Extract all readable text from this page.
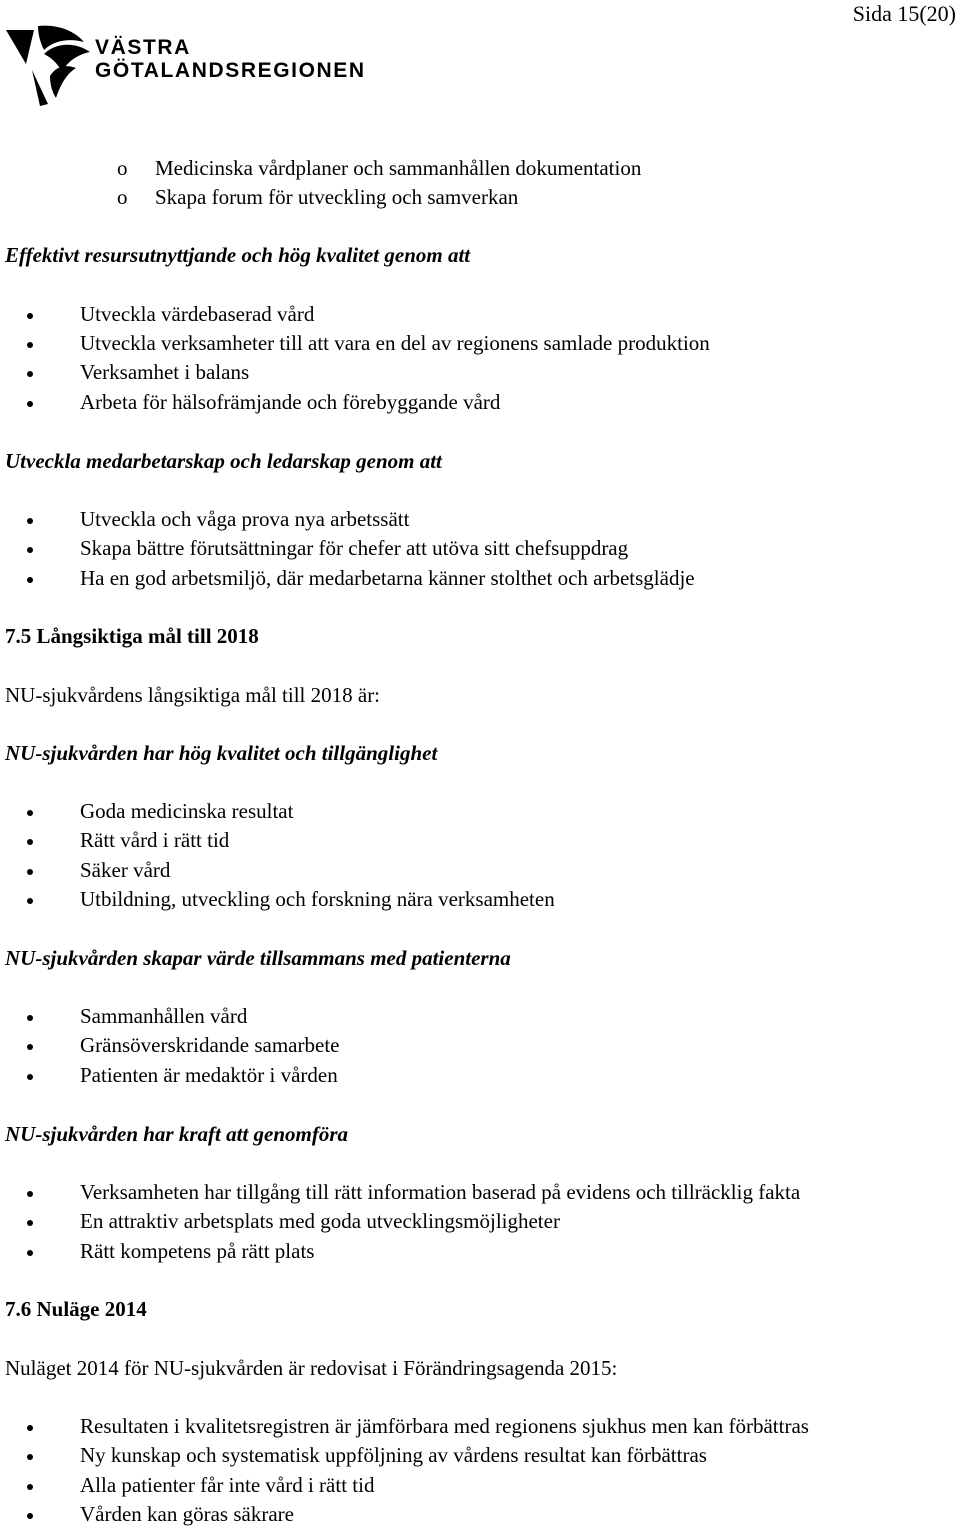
Sida 15(20)
VÄSTRA
GÖTALANDSREGIONEN
o Medicinska vårdplaner och sammanhållen dokumentation
o Skapa forum för utveckling och samverkan
Effektivt resursutnyttjande och hög kvalitet genom att
Utveckla värdebaserad vård
Utveckla verksamheter till att vara en del av regionens samlade produktion
Verksamhet i balans
Arbeta för hälsofrämjande och förebyggande vård
Utveckla medarbetarskap och ledarskap genom att
Utveckla och våga prova nya arbetssätt
Skapa bättre förutsättningar för chefer att utöva sitt chefsuppdrag
Ha en god arbetsmiljö, där medarbetarna känner stolthet och arbetsglädje
7.5 Långsiktiga mål till 2018
NU-sjukvårdens långsiktiga mål till 2018 är:
NU-sjukvården har hög kvalitet och tillgänglighet
Goda medicinska resultat
Rätt vård i rätt tid
Säker vård
Utbildning, utveckling och forskning nära verksamheten
NU-sjukvården skapar värde tillsammans med patienterna
Sammanhållen vård
Gränsöverskridande samarbete
Patienten är medaktör i vården
NU-sjukvården har kraft att genomföra
Verksamheten har tillgång till rätt information baserad på evidens och tillräcklig fakta
En attraktiv arbetsplats med goda utvecklingsmöjligheter
Rätt kompetens på rätt plats
7.6 Nuläge 2014
Nuläget 2014 för NU-sjukvården är redovisat i Förändringsagenda 2015:
Resultaten i kvalitetsregistren är jämförbara med regionens sjukhus men kan förbättras
Ny kunskap och systematisk uppföljning av vårdens resultat kan förbättras
Alla patienter får inte vård i rätt tid
Vården kan göras säkrare
